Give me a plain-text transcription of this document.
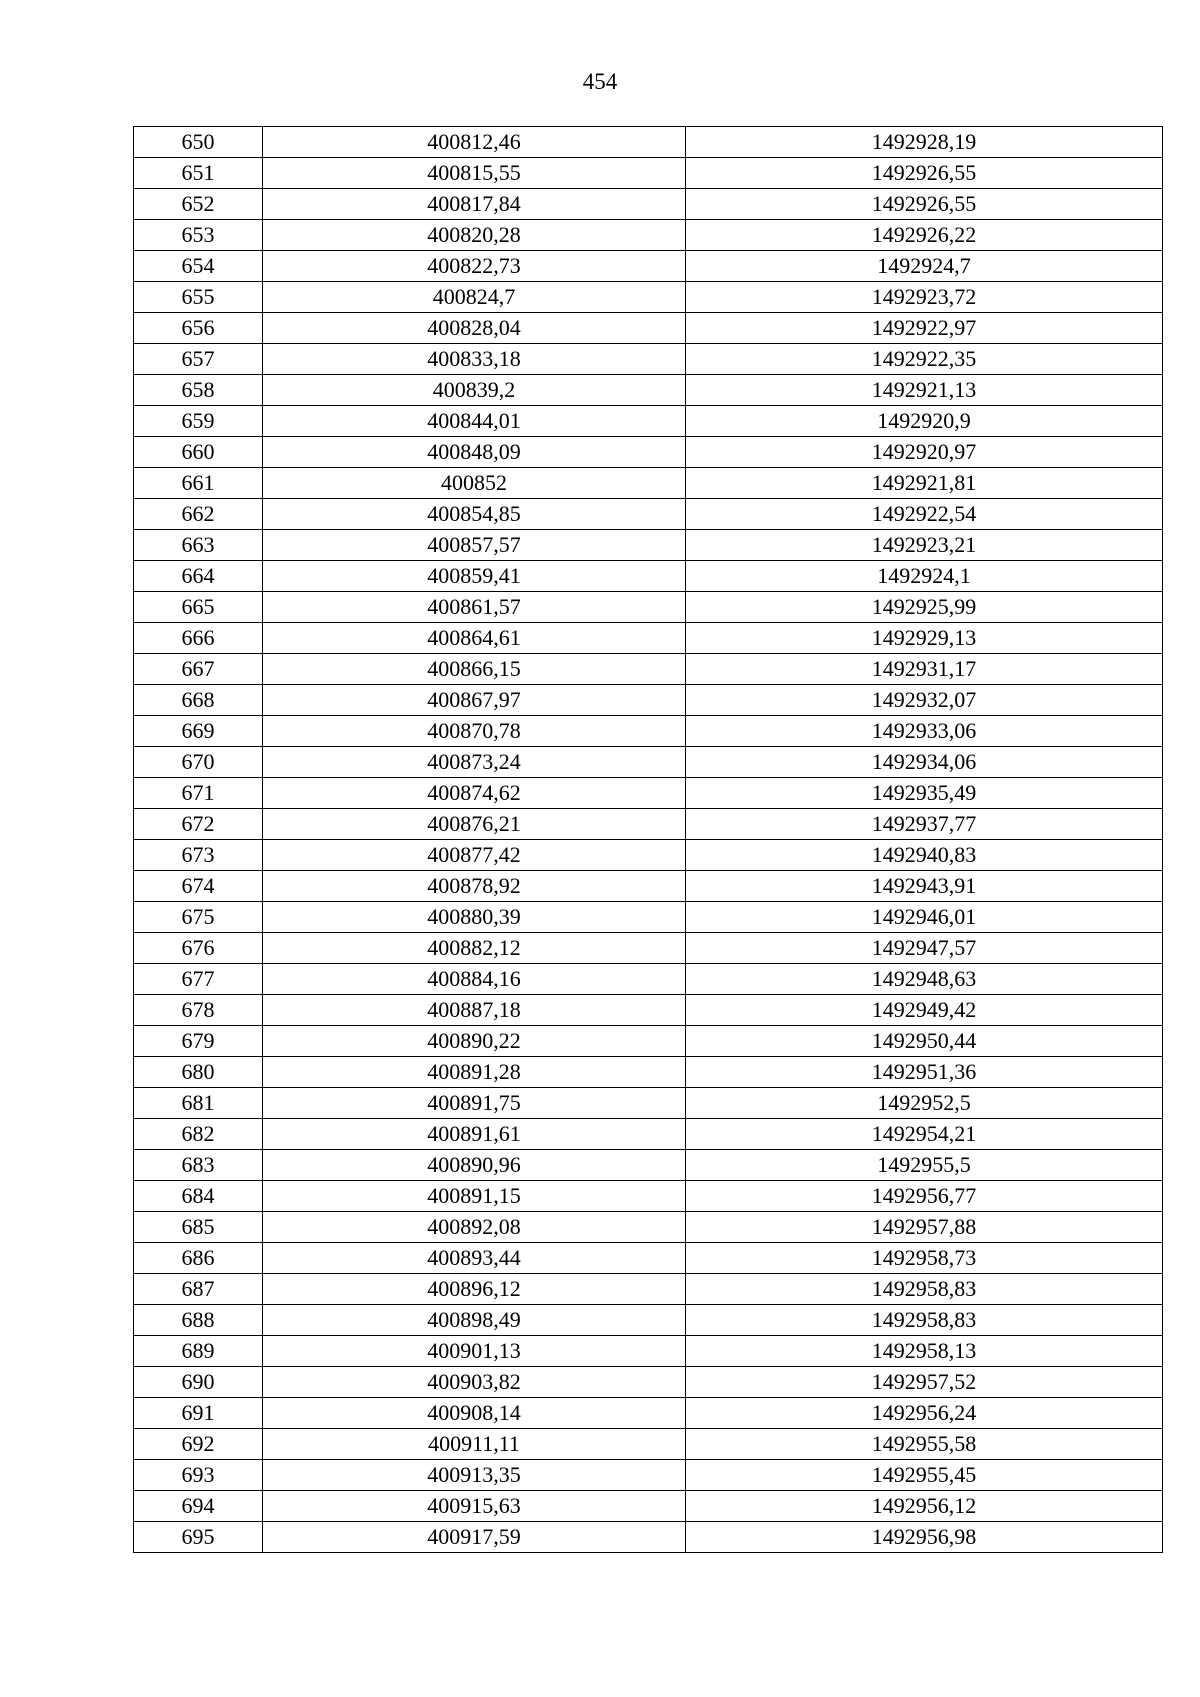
454
650	400812,46	1492928,19
651	400815,55	1492926,55
652	400817,84	1492926,55
653	400820,28	1492926,22
654	400822,73	1492924,7
655	400824,7	1492923,72
656	400828,04	1492922,97
657	400833,18	1492922,35
658	400839,2	1492921,13
659	400844,01	1492920,9
660	400848,09	1492920,97
661	400852	1492921,81
662	400854,85	1492922,54
663	400857,57	1492923,21
664	400859,41	1492924,1
665	400861,57	1492925,99
666	400864,61	1492929,13
667	400866,15	1492931,17
668	400867,97	1492932,07
669	400870,78	1492933,06
670	400873,24	1492934,06
671	400874,62	1492935,49
672	400876,21	1492937,77
673	400877,42	1492940,83
674	400878,92	1492943,91
675	400880,39	1492946,01
676	400882,12	1492947,57
677	400884,16	1492948,63
678	400887,18	1492949,42
679	400890,22	1492950,44
680	400891,28	1492951,36
681	400891,75	1492952,5
682	400891,61	1492954,21
683	400890,96	1492955,5
684	400891,15	1492956,77
685	400892,08	1492957,88
686	400893,44	1492958,73
687	400896,12	1492958,83
688	400898,49	1492958,83
689	400901,13	1492958,13
690	400903,82	1492957,52
691	400908,14	1492956,24
692	400911,11	1492955,58
693	400913,35	1492955,45
694	400915,63	1492956,12
695	400917,59	1492956,98
